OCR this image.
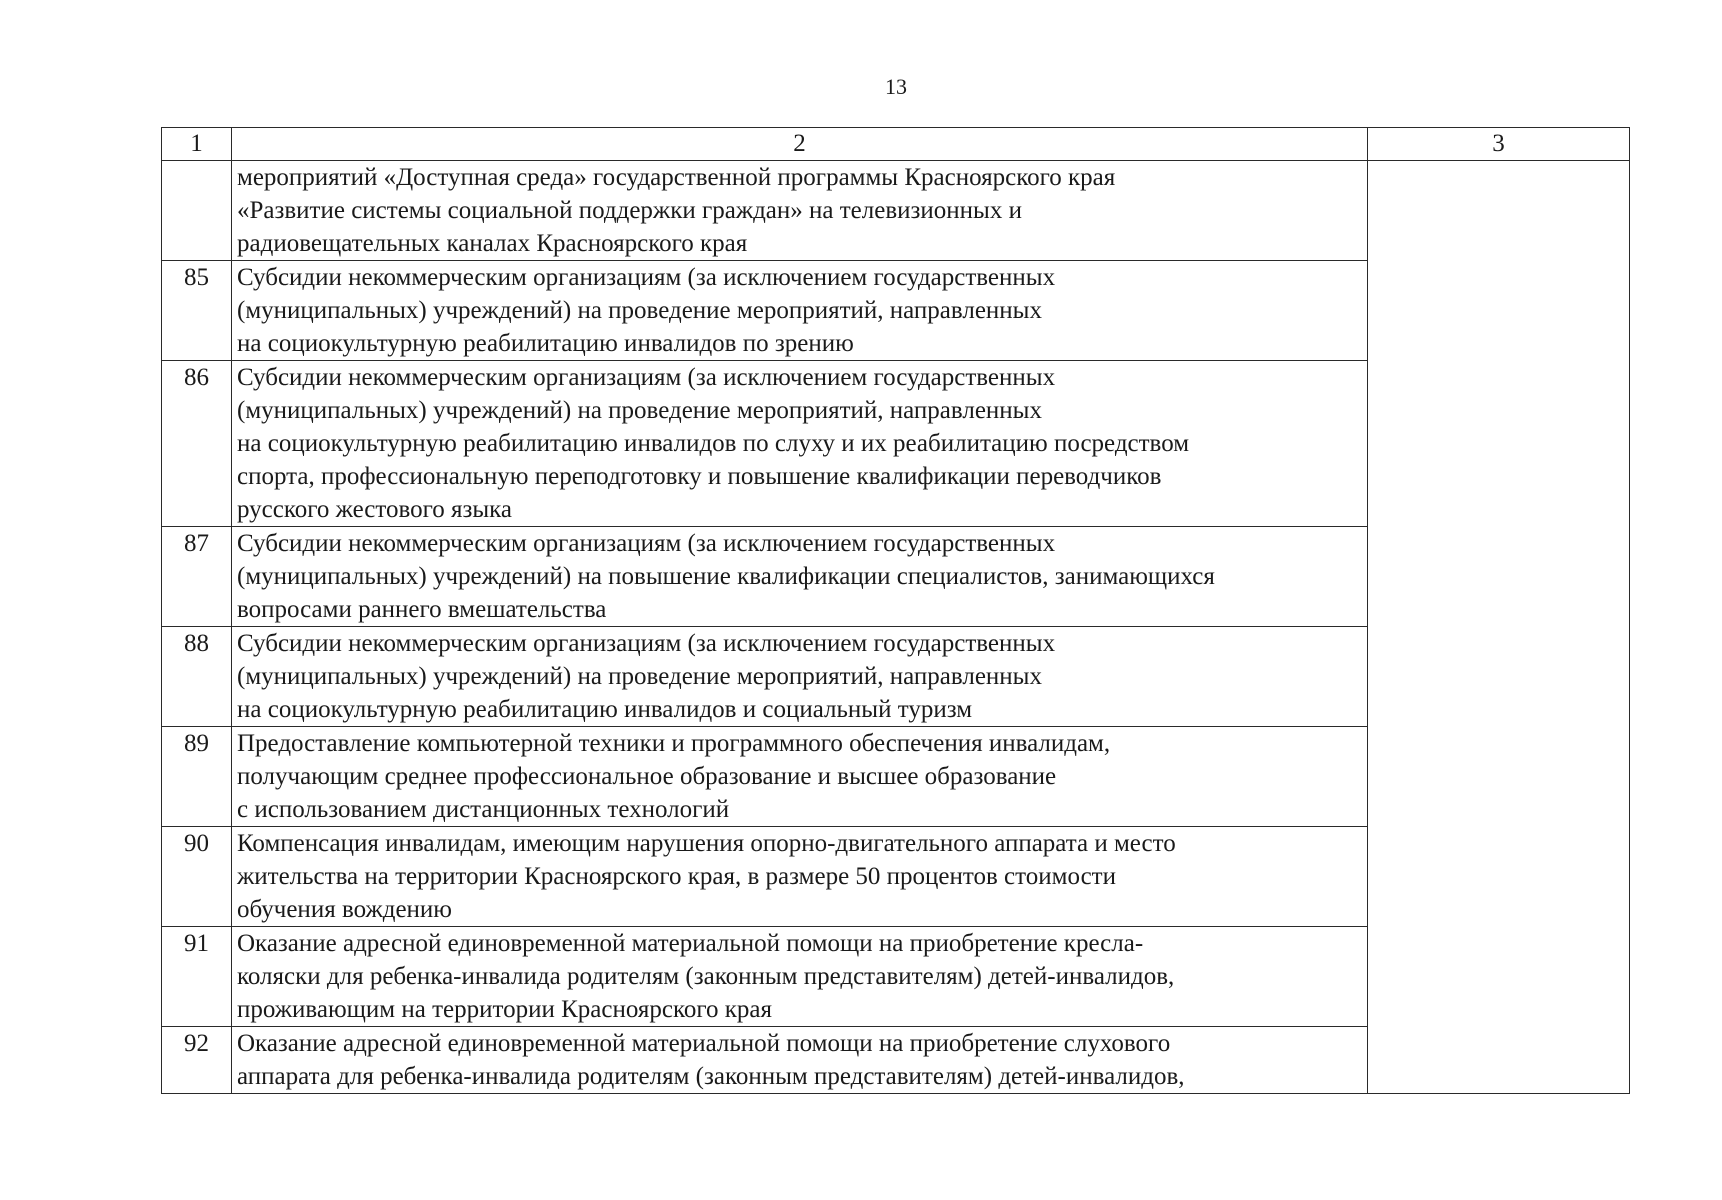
13
1	2	3

	мероприятий «Доступная среда» государственной программы Красноярского края
«Развитие системы социальной поддержки граждан» на телевизионных и
радиовещательных каналах Красноярского края	

85	Субсидии некоммерческим организациям (за исключением государственных
(муниципальных) учреждений) на проведение мероприятий, направленных
на социокультурную реабилитацию инвалидов по зрению	

86	Субсидии некоммерческим организациям (за исключением государственных
(муниципальных) учреждений) на проведение мероприятий, направленных
на социокультурную реабилитацию инвалидов по слуху и их реабилитацию посредством
спорта, профессиональную переподготовку и повышение квалификации переводчиков
русского жестового языка	

87	Субсидии некоммерческим организациям (за исключением государственных
(муниципальных) учреждений) на повышение квалификации специалистов, занимающихся
вопросами раннего вмешательства	

88	Субсидии некоммерческим организациям (за исключением государственных
(муниципальных) учреждений) на проведение мероприятий, направленных
на социокультурную реабилитацию инвалидов и социальный туризм	

89	Предоставление компьютерной техники и программного обеспечения инвалидам,
получающим среднее профессиональное образование и высшее образование
с использованием дистанционных технологий	

90	Компенсация инвалидам, имеющим нарушения опорно-двигательного аппарата и место
жительства на территории Красноярского края, в размере 50 процентов стоимости
обучения вождению	

91	Оказание адресной единовременной материальной помощи на приобретение кресла-
коляски для ребенка-инвалида родителям (законным представителям) детей-инвалидов,
проживающим на территории Красноярского края	

92	Оказание адресной единовременной материальной помощи на приобретение слухового
аппарата для ребенка-инвалида родителям (законным представителям) детей-инвалидов,	
